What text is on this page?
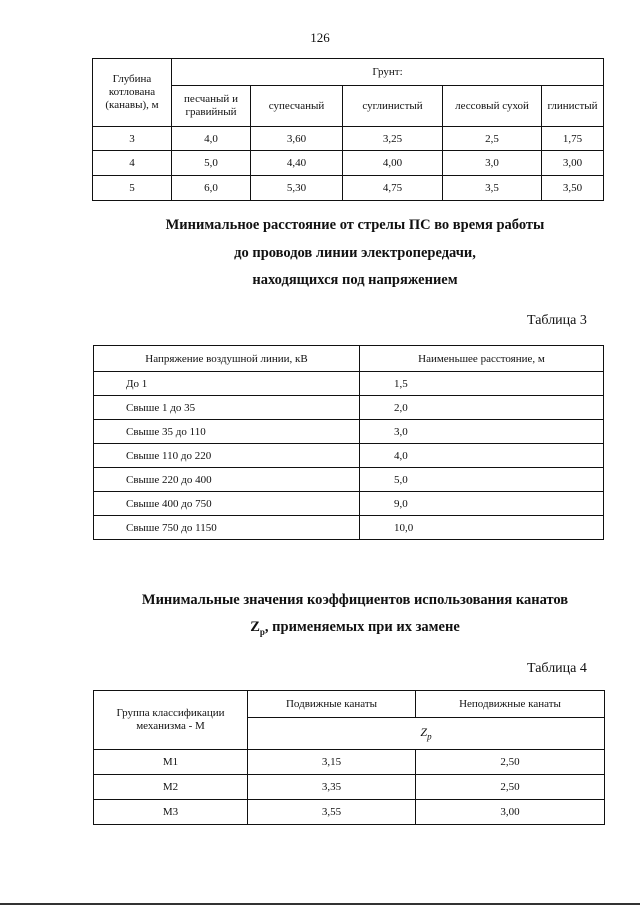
126
Глубина котлована (канавы), м	Грунт:				
	песчаный и гравийный	супесчаный	суглинистый	лессовый сухой	глинистый
3	4,0	3,60	3,25	2,5	1,75
4	5,0	4,40	4,00	3,0	3,00
5	6,0	5,30	4,75	3,5	3,50
Минимальное расстояние от стрелы ПС во время работы
до проводов линии электропередачи,
находящихся под напряжением
Таблица 3
Напряжение воздушной линии, кВ	Наименьшее расстояние, м
До 1	1,5
Свыше 1 до 35	2,0
Свыше 35 до 110	3,0
Свыше 110 до 220	4,0
Свыше 220 до 400	5,0
Свыше 400 до 750	9,0
Свыше 750 до 1150	10,0
Минимальные значения коэффициентов использования канатов
$Z_p$, применяемых при их замене
Таблица 4
Группа классификации механизма - М	Подвижные канаты	Неподвижные канаты
	$Z_p$
M1	3,15	2,50
M2	3,35	2,50
M3	3,55	3,00
